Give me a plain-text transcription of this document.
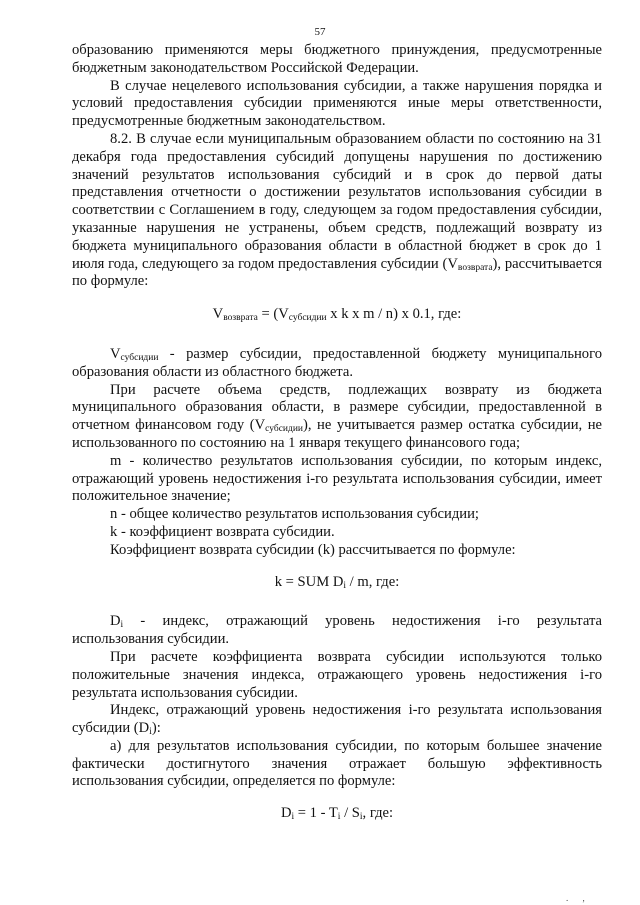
57

образованию применяются меры бюджетного принуждения, предусмотренные бюджетным законодательством Российской Федерации.

В случае нецелевого использования субсидии, а также нарушения порядка и условий предоставления субсидии применяются иные меры ответственности, предусмотренные бюджетным законодательством.

8.2. В случае если муниципальным образованием области по состоянию на 31 декабря года предоставления субсидий допущены нарушения по достижению значений результатов использования субсидий и в срок до первой даты представления отчетности о достижении результатов использования субсидии в соответствии с Соглашением в году, следующем за годом предоставления субсидии, указанные нарушения не устранены, объем средств, подлежащий возврату из бюджета муниципального образования области в областной бюджет в срок до 1 июля года, следующего за годом предоставления субсидии $(V_{возврата})$, рассчитывается по формуле:

$V_{возврата} = (V_{субсидии}$ x k x m / n) x 0.1, где:

$V_{субсидии}$ - размер субсидии, предоставленной бюджету муниципального образования области из областного бюджета.

При расчете объема средств, подлежащих возврату из бюджета муниципального образования области, в размере субсидии, предоставленной в отчетном финансовом году $(V_{субсидии})$, не учитывается размер остатка субсидии, не использованного по состоянию на 1 января текущего финансового года;

m - количество результатов использования субсидии, по которым индекс, отражающий уровень недостижения i-го результата использования субсидии, имеет положительное значение;

n - общее количество результатов использования субсидии;

k - коэффициент возврата субсидии.

Коэффициент возврата субсидии (k) рассчитывается по формуле:

k = SUM $D_i$ / m, где:

$D_i$ - индекс, отражающий уровень недостижения i-го результата использования субсидии.

При расчете коэффициента возврата субсидии используются только положительные значения индекса, отражающего уровень недостижения i-го результата использования субсидии.

Индекс, отражающий уровень недостижения i-го результата использования субсидии $(D_i)$:

а) для результатов использования субсидии, по которым большее значение фактически достигнутого значения отражает большую эффективность использования субсидии, определяется по формуле:

$D_i = 1 - T_i / S_i$, где:

. ,
